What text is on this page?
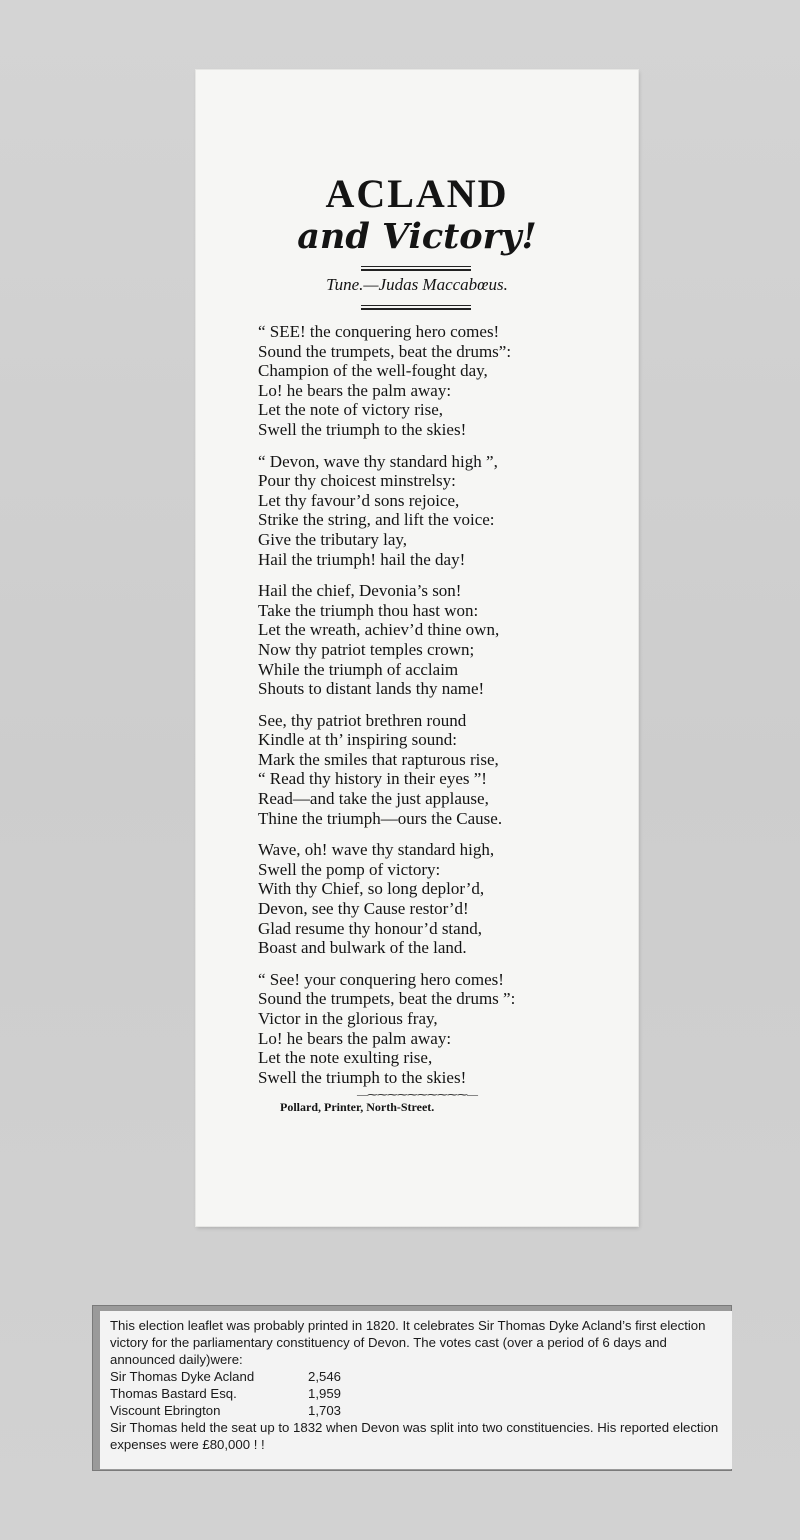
ACLAND
and Victory!
Tune.—Judas Maccabœus.
“ SEE! the conquering hero comes!
Sound the trumpets, beat the drums”:
Champion of the well-fought day,
Lo! he bears the palm away:
Let the note of victory rise,
Swell the triumph to the skies!
“ Devon, wave thy standard high ”,
Pour thy choicest minstrelsy:
Let thy favour’d sons rejoice,
Strike the string, and lift the voice:
Give the tributary lay,
Hail the triumph! hail the day!
Hail the chief, Devonia’s son!
Take the triumph thou hast won:
Let the wreath, achiev’d thine own,
Now thy patriot temples crown;
While the triumph of acclaim
Shouts to distant lands thy name!
See, thy patriot brethren round
Kindle at th’ inspiring sound:
Mark the smiles that rapturous rise,
“ Read thy history in their eyes ”!
Read—and take the just applause,
Thine the triumph—ours the Cause.
Wave, oh! wave thy standard high,
Swell the pomp of victory:
With thy Chief, so long deplor’d,
Devon, see thy Cause restor’d!
Glad resume thy honour’d stand,
Boast and bulwark of the land.
“ See! your conquering hero comes!
Sound the trumpets, beat the drums ”:
Victor in the glorious fray,
Lo! he bears the palm away:
Let the note exulting rise,
Swell the triumph to the skies!
—⁓⁓⁓⁓⁓⁓⁓⁓⁓⁓—
Pollard, Printer, North-Street.

This election leaflet was probably printed in 1820. It celebrates Sir Thomas Dyke Acland’s first election victory for the parliamentary constituency of Devon. The votes cast (over a period of 6 days and announced daily)were:

Sir Thomas Dyke Acland	2,546
Thomas Bastard Esq.	1,959
Viscount Ebrington	1,703

Sir Thomas held the seat up to 1832 when Devon was split into two constituencies. His reported election expenses were £80,000 ! !
